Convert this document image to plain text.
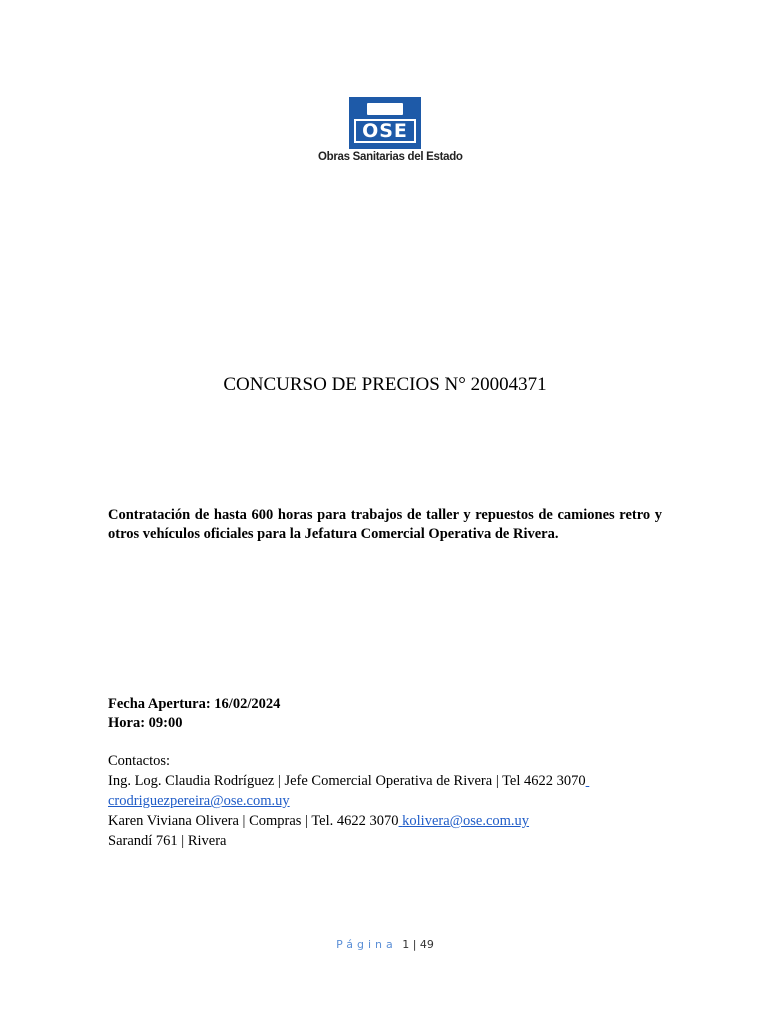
OSE
Obras Sanitarias del Estado
CONCURSO DE PRECIOS N° 20004371
Contratación de hasta 600 horas para trabajos de taller y repuestos de camiones retro y otros vehículos oficiales para la Jefatura Comercial Operativa de Rivera.
Fecha Apertura: 16/02/2024
Hora: 09:00
Contactos:
Ing. Log. Claudia Rodríguez | Jefe Comercial Operativa de Rivera | Tel 4622 3070
crodriguezpereira@ose.com.uy
Karen Viviana Olivera | Compras | Tel. 4622 3070 kolivera@ose.com.uy
Sarandí 761 | Rivera
Página 1 | 49
